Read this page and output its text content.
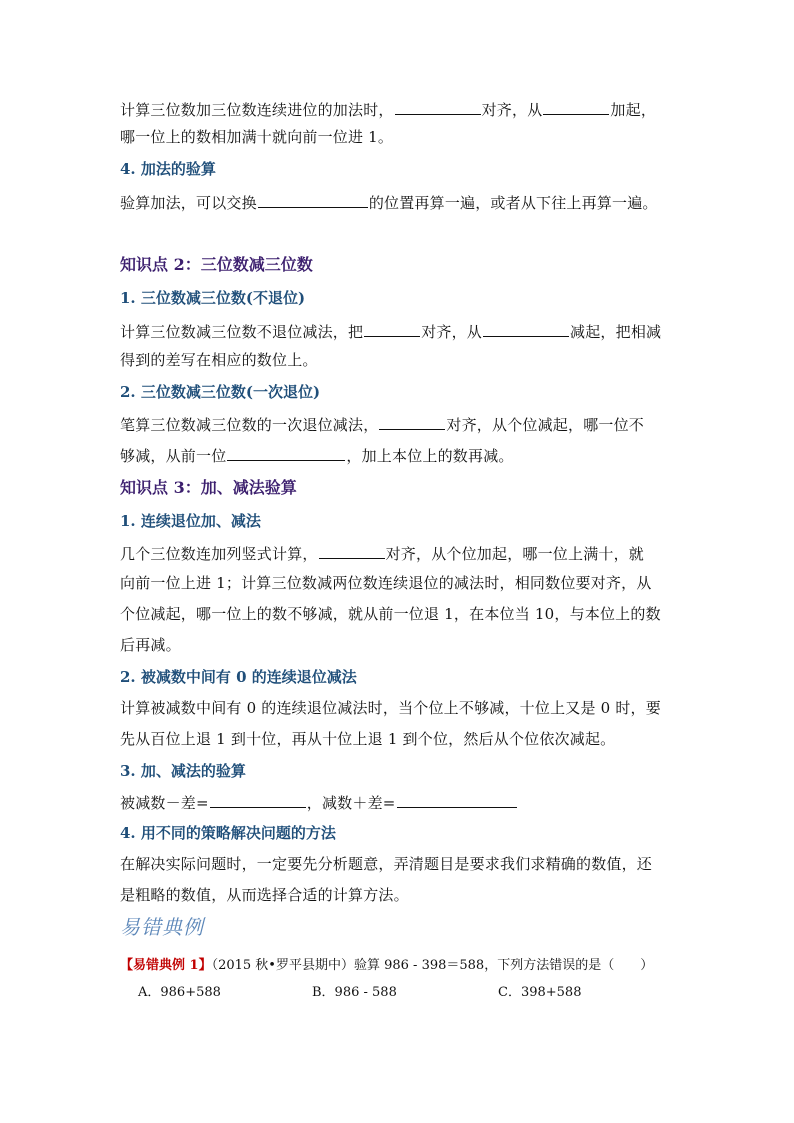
计算三位数加三位数连续进位的加法时，	对齐，从	加起，
哪一位上的数相加满十就向前一位进 1。
4. 加法的验算
验算加法，可以交换	的位置再算一遍，或者从下往上再算一遍。
知识点 2：三位数减三位数
1. 三位数减三位数(不退位)
计算三位数减三位数不退位减法，把	对齐，从	减起，把相减
得到的差写在相应的数位上。
2. 三位数减三位数(一次退位)
笔算三位数减三位数的一次退位减法，	对齐，从个位减起，哪一位不
够减，从前一位	，加上本位上的数再减。
知识点 3：加、减法验算
1. 连续退位加、减法
几个三位数连加列竖式计算，	对齐，从个位加起，哪一位上满十，就
向前一位上进 1；计算三位数减两位数连续退位的减法时，相同数位要对齐，从
个位减起，哪一位上的数不够减，就从前一位退 1，在本位当 10，与本位上的数
后再减。
2. 被减数中间有 0 的连续退位减法
计算被减数中间有 0 的连续退位减法时，当个位上不够减，十位上又是 0 时，要
先从百位上退 1 到十位，再从十位上退 1 到个位，然后从个位依次减起。
3. 加、减法的验算
被减数－差=	，减数＋差=
4. 用不同的策略解决问题的方法
在解决实际问题时，一定要先分析题意，弄清题目是要求我们求精确的数值，还
是粗略的数值，从而选择合适的计算方法。
易错典例
【易错典例 1】（2015 秋•罗平县期中）验算 986 - 398＝588，下列方法错误的是（　　）
A．986+588	B．986 - 588	C．398+588
